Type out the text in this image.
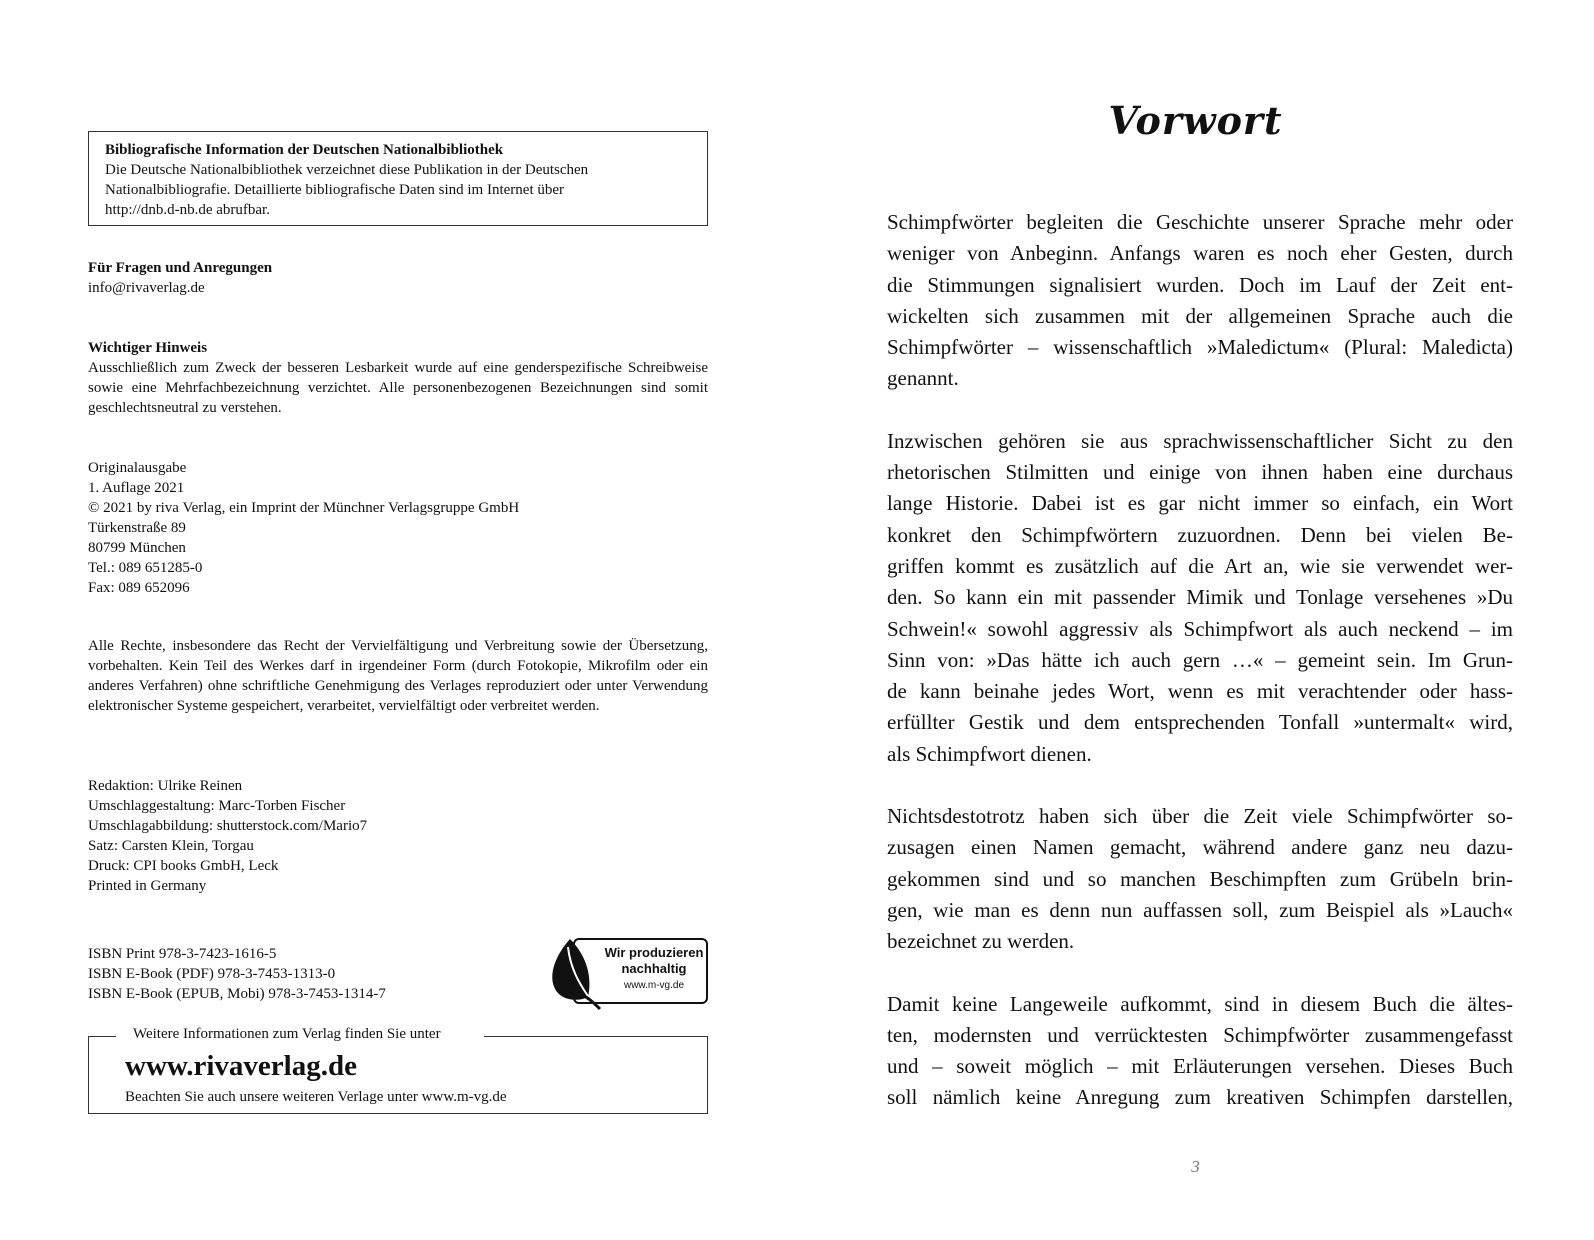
Bibliografische Information der Deutschen Nationalbibliothek
Die Deutsche Nationalbibliothek verzeichnet diese Publikation in der Deutschen
Nationalbibliografie. Detaillierte bibliografische Daten sind im Internet über
http://dnb.d-nb.de abrufbar.
Für Fragen und Anregungen
info@rivaverlag.de
Wichtiger Hinweis
Ausschließlich zum Zweck der besseren Lesbarkeit wurde auf eine genderspezifische Schreibweise sowie eine Mehrfachbezeichnung verzichtet. Alle personenbezogenen Bezeichnungen sind somit geschlechtsneutral zu verstehen.
Originalausgabe
1. Auflage 2021
© 2021 by riva Verlag, ein Imprint der Münchner Verlagsgruppe GmbH
Türkenstraße 89
80799 München
Tel.: 089 651285-0
Fax: 089 652096
Alle Rechte, insbesondere das Recht der Vervielfältigung und Verbreitung sowie der Übersetzung, vorbehalten. Kein Teil des Werkes darf in irgendeiner Form (durch Fotokopie, Mikrofilm oder ein anderes Verfahren) ohne schriftliche Genehmigung des Verlages reproduziert oder unter Verwendung elektronischer Systeme gespeichert, verarbeitet, vervielfältigt oder verbreitet werden.
Redaktion: Ulrike Reinen
Umschlaggestaltung: Marc-Torben Fischer
Umschlagabbildung: shutterstock.com/Mario7
Satz: Carsten Klein, Torgau
Druck: CPI books GmbH, Leck
Printed in Germany
ISBN Print 978-3-7423-1616-5
ISBN E-Book (PDF) 978-3-7453-1313-0
ISBN E-Book (EPUB, Mobi) 978-3-7453-1314-7
Wir produzieren
nachhaltig
www.m-vg.de
Weitere Informationen zum Verlag finden Sie unter
www.rivaverlag.de
Beachten Sie auch unsere weiteren Verlage unter www.m-vg.de
Vorwort
Schimpfwörter begleiten die Geschichte unserer Sprache mehr oder
weniger von Anbeginn. Anfangs waren es noch eher Gesten, durch
die Stimmungen signalisiert wurden. Doch im Lauf der Zeit ent-
wickelten sich zusammen mit der allgemeinen Sprache auch die
Schimpfwörter – wissenschaftlich »Maledictum« (Plural: Maledicta)
genannt.
Inzwischen gehören sie aus sprachwissenschaftlicher Sicht zu den
rhetorischen Stilmitten und einige von ihnen haben eine durchaus
lange Historie. Dabei ist es gar nicht immer so einfach, ein Wort
konkret den Schimpfwörtern zuzuordnen. Denn bei vielen Be-
griffen kommt es zusätzlich auf die Art an, wie sie verwendet wer-
den. So kann ein mit passender Mimik und Tonlage versehenes »Du
Schwein!« sowohl aggressiv als Schimpfwort als auch neckend – im
Sinn von: »Das hätte ich auch gern …« – gemeint sein. Im Grun-
de kann beinahe jedes Wort, wenn es mit verachtender oder hass-
erfüllter Gestik und dem entsprechenden Tonfall »untermalt« wird,
als Schimpfwort dienen.
Nichtsdestotrotz haben sich über die Zeit viele Schimpfwörter so-
zusagen einen Namen gemacht, während andere ganz neu dazu-
gekommen sind und so manchen Beschimpften zum Grübeln brin-
gen, wie man es denn nun auffassen soll, zum Beispiel als »Lauch«
bezeichnet zu werden.
Damit keine Langeweile aufkommt, sind in diesem Buch die ältes-
ten, modernsten und verrücktesten Schimpfwörter zusammengefasst
und – soweit möglich – mit Erläuterungen versehen. Dieses Buch
soll nämlich keine Anregung zum kreativen Schimpfen darstellen,
3
